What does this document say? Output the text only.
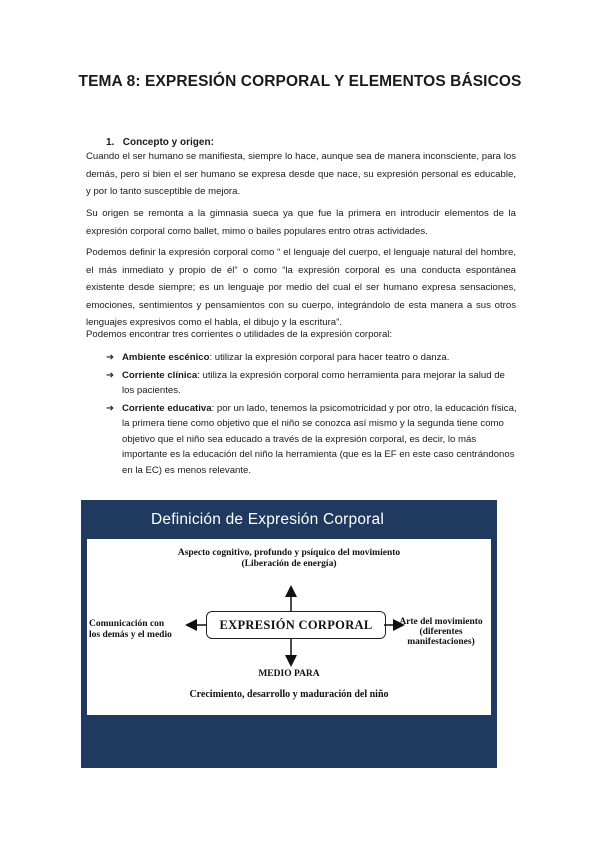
TEMA 8: EXPRESIÓN CORPORAL Y ELEMENTOS BÁSICOS
1. Concepto y origen:

Cuando el ser humano se manifiesta, siempre lo hace, aunque sea de manera inconsciente, para los demás, pero si bien el ser humano se expresa desde que nace, su expresión personal es educable, y por lo tanto susceptible de mejora.

Su origen se remonta a la gimnasia sueca ya que fue la primera en introducir elementos de la expresión corporal como ballet, mimo o bailes populares entro otras actividades.

Podemos definir la expresión corporal como “ el lenguaje del cuerpo, el lenguaje natural del hombre, el más inmediato y propio de él” o como “la expresión corporal es una conducta espontánea existente desde siempre; es un lenguaje por medio del cual el ser humano expresa sensaciones, emociones, sentimientos y pensamientos con su cuerpo, integrándolo de esta manera a sus otros lenguajes expresivos como el habla, el dibujo y la escritura”.

Podemos encontrar tres corrientes o utilidades de la expresión corporal:

➔ Ambiente escénico: utilizar la expresión corporal para hacer teatro o danza.
➔ Corriente clínica: utiliza la expresión corporal como herramienta para mejorar la salud de los pacientes.
➔ Corriente educativa: por un lado, tenemos la psicomotricidad y por otro, la educación física, la primera tiene como objetivo que el niño se conozca así mismo y la segunda tiene como objetivo que el niño sea educado a través de la expresión corporal, es decir, lo más importante es la educación del niño la herramienta (que es la EF en este caso centrándonos en la EC) es menos relevante.
Definición de Expresión Corporal
Aspecto cognitivo, profundo y psíquico del movimiento
(Liberación de energía)
Comunicación con
los demás y el medio
EXPRESIÓN CORPORAL	Arte del movimiento
(diferentes
manifestaciones)
MEDIO PARA
Crecimiento, desarrollo y maduración del niño
